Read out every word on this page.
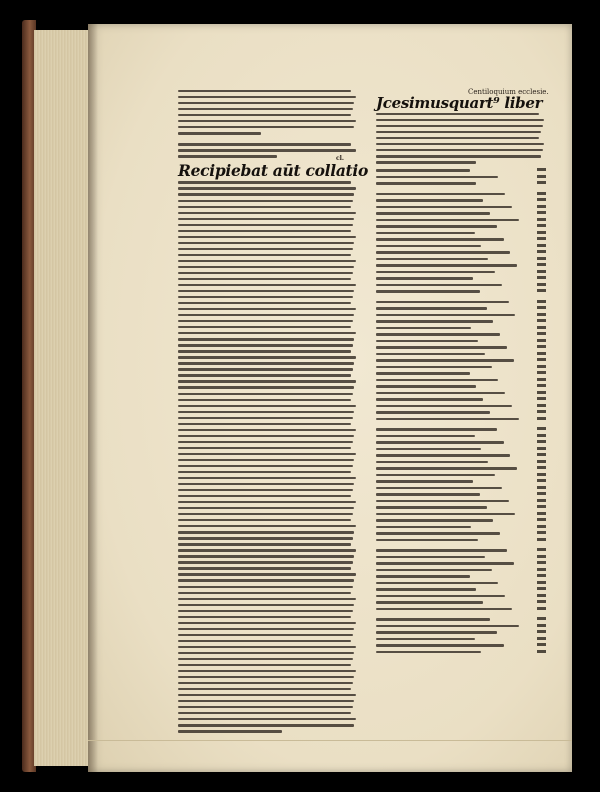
Centiloquium ecclesie.
cl.
Recipiebat aūt collatio
Jcesimusquart⁹ liber
